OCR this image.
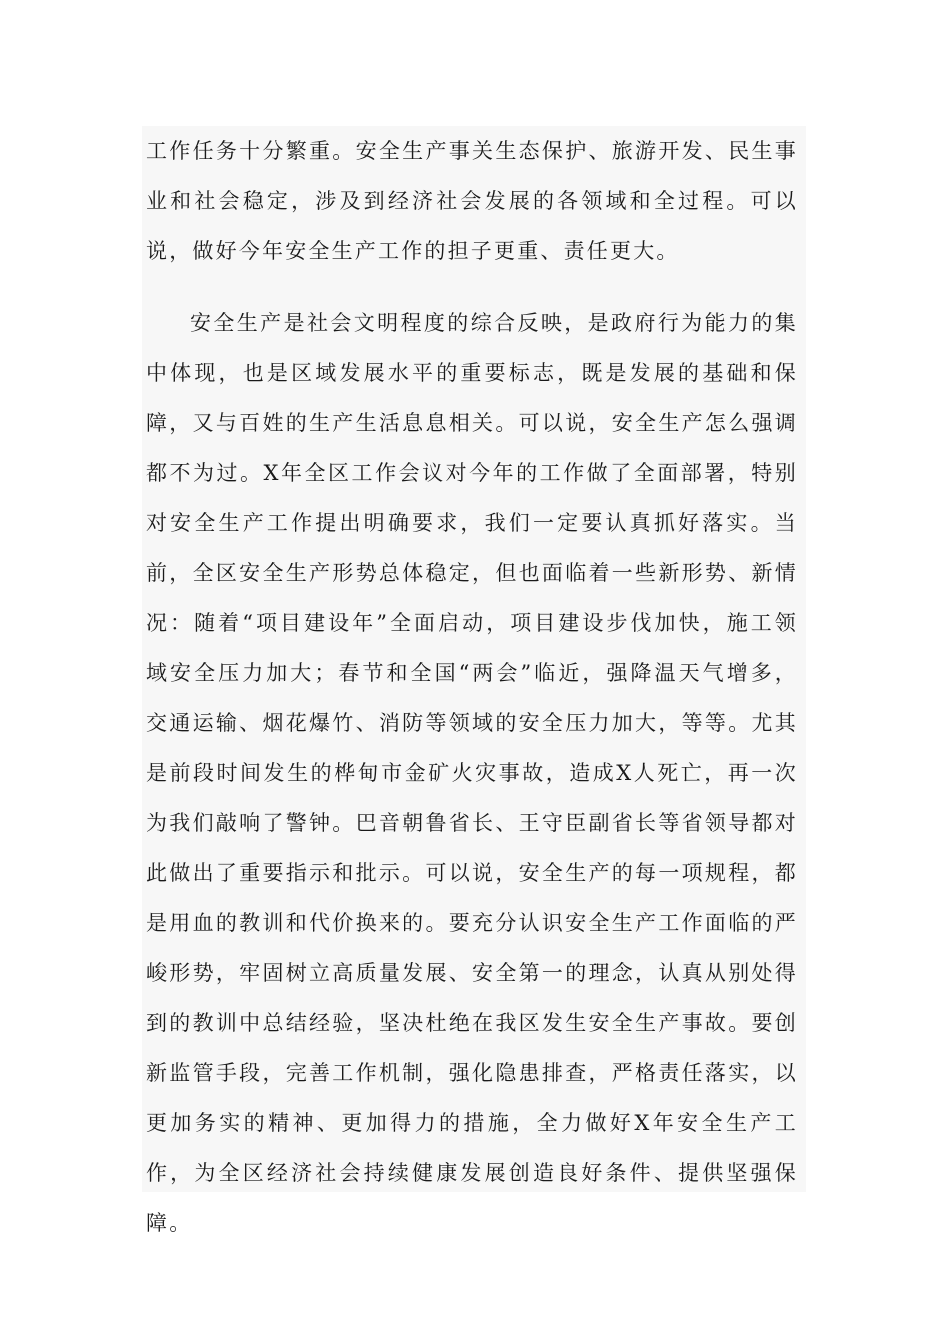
工作任务十分繁重。安全生产事关生态保护、旅游开发、民生事业和社会稳定，涉及到经济社会发展的各领域和全过程。可以说，做好今年安全生产工作的担子更重、责任更大。

安全生产是社会文明程度的综合反映，是政府行为能力的集中体现，也是区域发展水平的重要标志，既是发展的基础和保障，又与百姓的生产生活息息相关。可以说，安全生产怎么强调都不为过。X年全区工作会议对今年的工作做了全面部署，特别对安全生产工作提出明确要求，我们一定要认真抓好落实。当前，全区安全生产形势总体稳定，但也面临着一些新形势、新情况：随着“项目建设年”全面启动，项目建设步伐加快，施工领域安全压力加大；春节和全国“两会”临近，强降温天气增多，交通运输、烟花爆竹、消防等领域的安全压力加大，等等。尤其是前段时间发生的桦甸市金矿火灾事故，造成X人死亡，再一次为我们敲响了警钟。巴音朝鲁省长、王守臣副省长等省领导都对此做出了重要指示和批示。可以说，安全生产的每一项规程，都是用血的教训和代价换来的。要充分认识安全生产工作面临的严峻形势，牢固树立高质量发展、安全第一的理念，认真从别处得到的教训中总结经验，坚决杜绝在我区发生安全生产事故。要创新监管手段，完善工作机制，强化隐患排查，严格责任落实，以更加务实的精神、更加得力的措施，全力做好X年安全生产工作，为全区经济社会持续健康发展创造良好条件、提供坚强保障。
